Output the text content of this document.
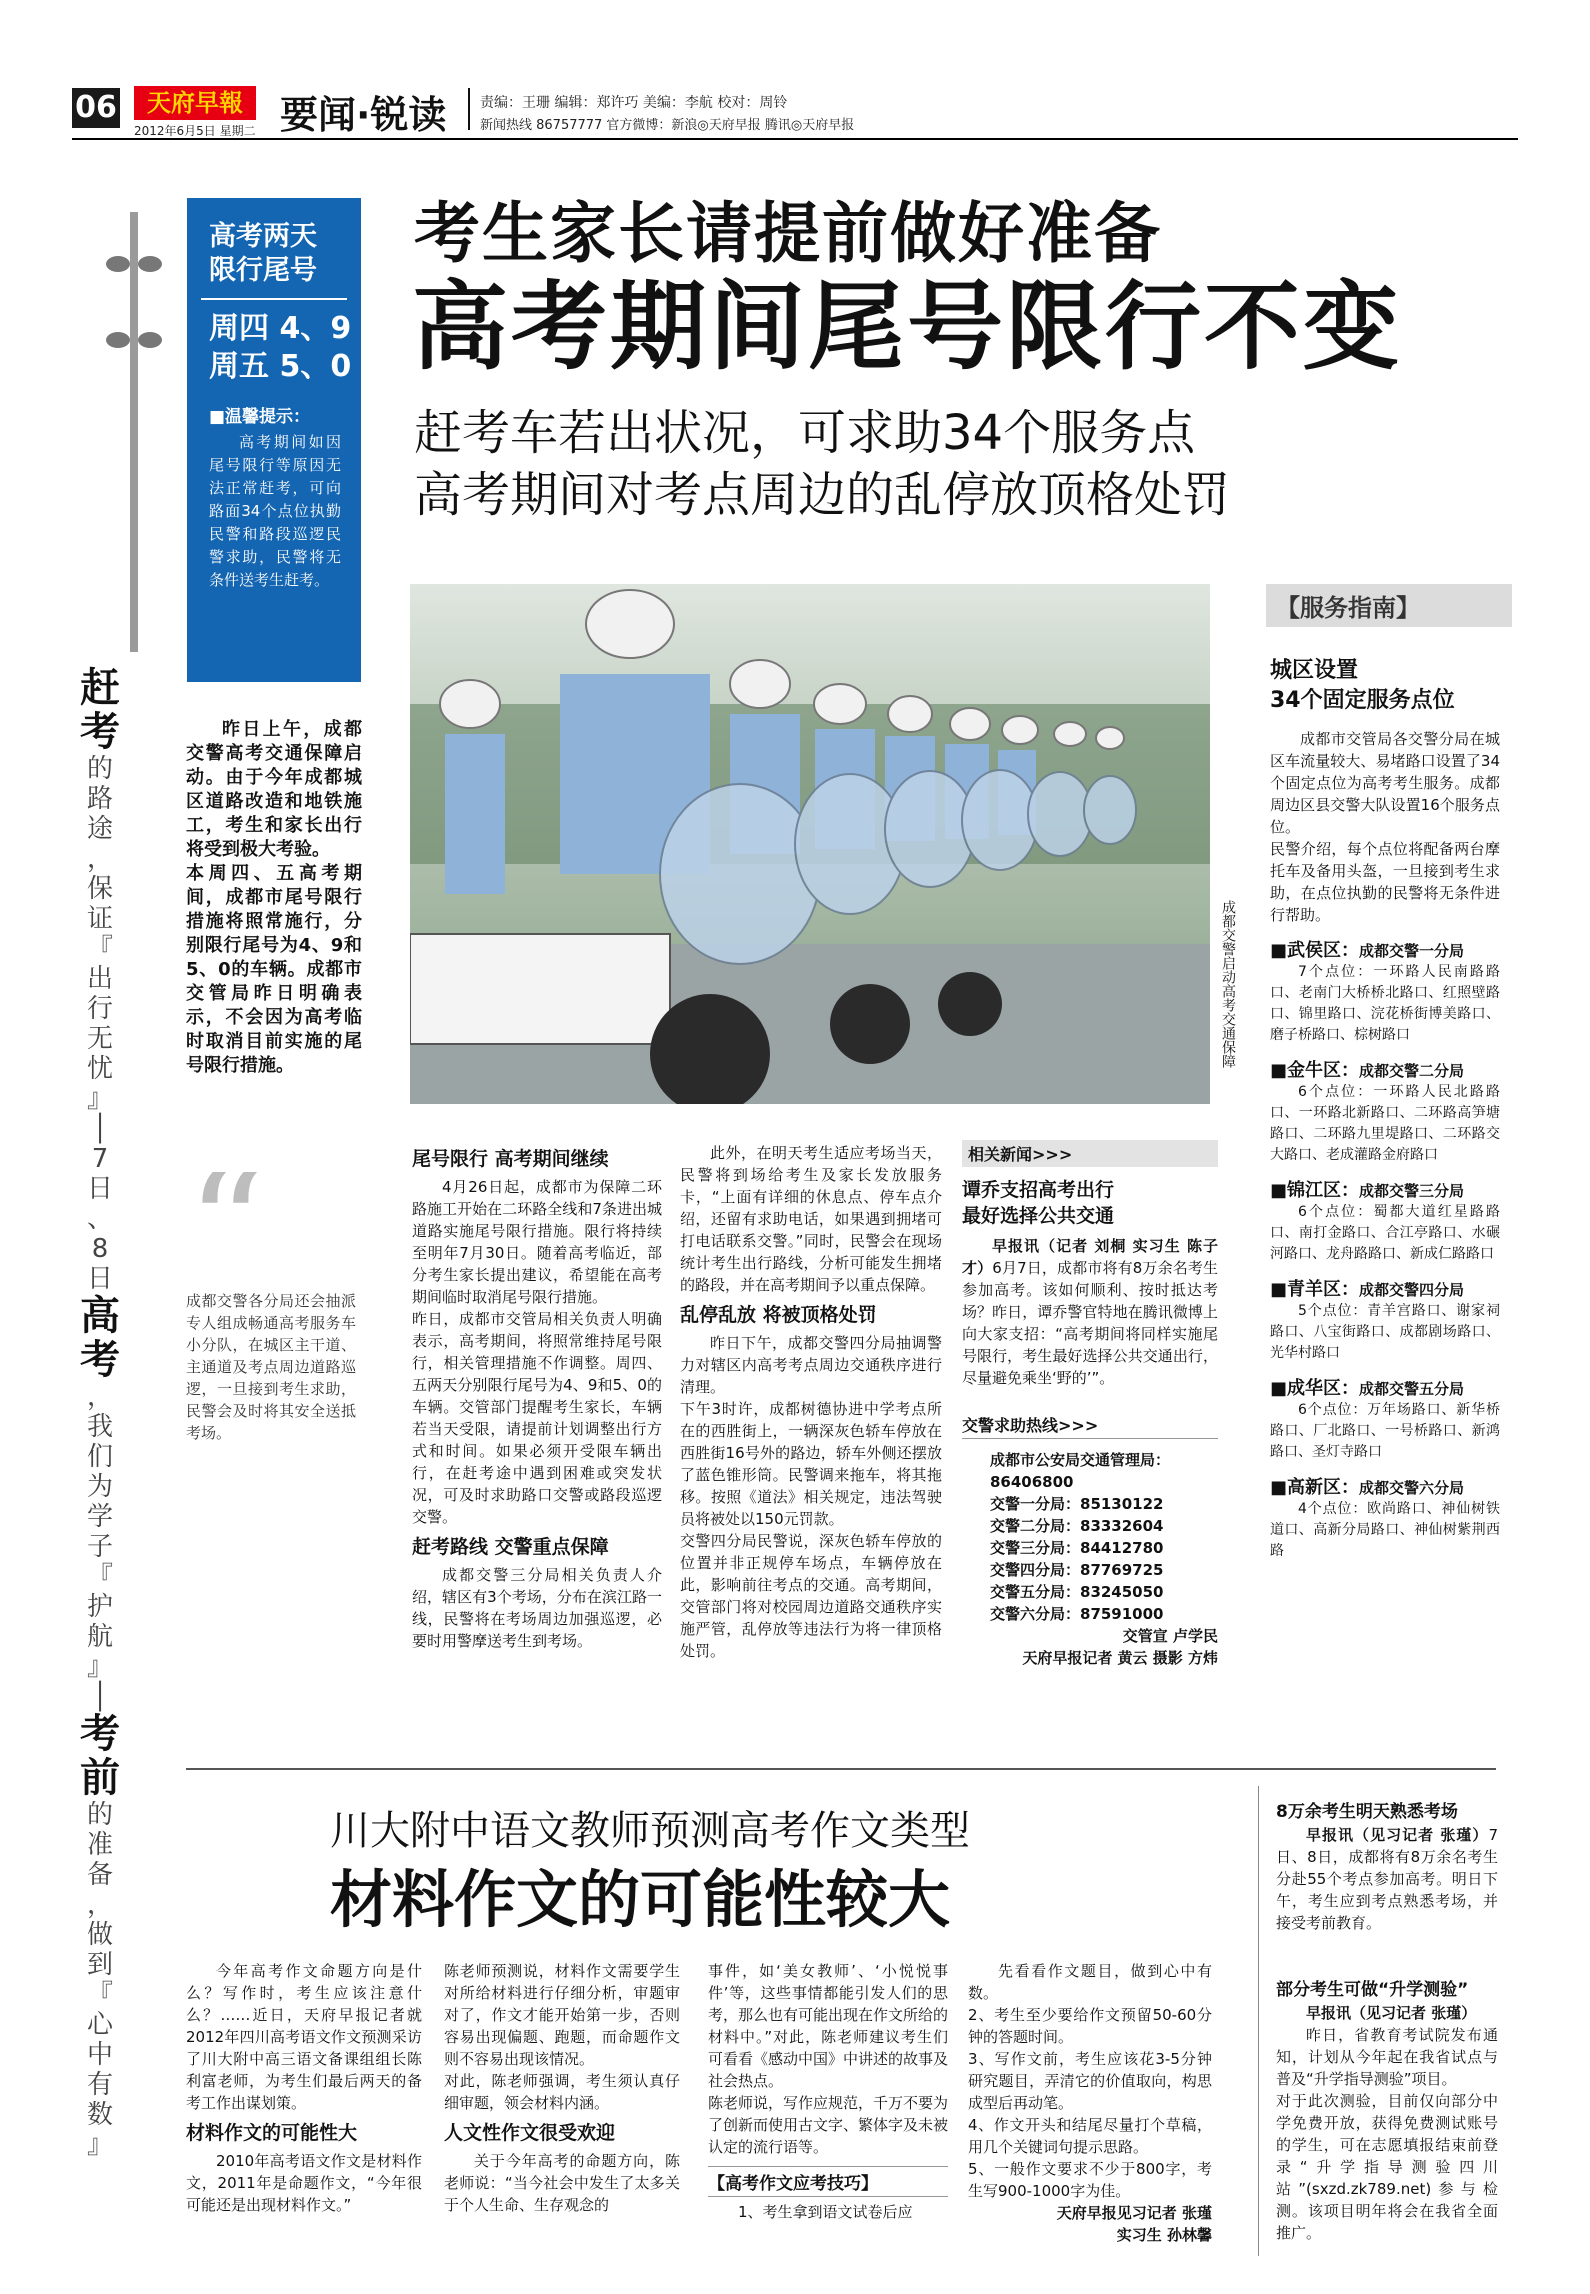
06	天府早報
2012年6月5日 星期二 要闻·锐读 责编：王珊 编辑：郑许巧 美编：李航 校对：周铃
新闻热线 86757777 官方微博：新浪◎天府早报 腾讯◎天府早报
高考两天
限行尾号
周四 4、9
周五 5、0
■温馨提示：
高考期间如因尾号限行等原因无法正常赶考，可向路面34个点位执勤民警和路段巡逻民警求助，民警将无条件送考生赶考。
赶
考
的
路
途
，
保
证
『
出
行
无
忧
』
│
7
日
、
8
日
高
考
，
我
们
为
学
子
『
护
航
』
│
考
前
的
准
备
，
做
到
『
心
中
有
数
』
考生家长请提前做好准备
高考期间尾号限行不变
赶考车若出状况，可求助34个服务点
高考期间对考点周边的乱停放顶格处罚
成都交警启动高考交通保障
昨日上午，成都交警高考交通保障启动。由于今年成都城区道路改造和地铁施工，考生和家长出行将受到极大考验。
本周四、五高考期间，成都市尾号限行措施将照常施行，分别限行尾号为4、9和5、0的车辆。成都市交管局昨日明确表示，不会因为高考临时取消目前实施的尾号限行措施。
成都交警各分局还会抽派专人组成畅通高考服务车小分队，在城区主干道、主通道及考点周边道路巡逻，一旦接到考生求助，民警会及时将其安全送抵考场。
尾号限行 高考期间继续
4月26日起，成都市为保障二环路施工开始在二环路全线和7条进出城道路实施尾号限行措施。限行将持续至明年7月30日。随着高考临近，部分考生家长提出建议，希望能在高考期间临时取消尾号限行措施。
昨日，成都市交管局相关负责人明确表示，高考期间，将照常维持尾号限行，相关管理措施不作调整。周四、五两天分别限行尾号为4、9和5、0的车辆。交管部门提醒考生家长，车辆若当天受限，请提前计划调整出行方式和时间。如果必须开受限车辆出行，在赶考途中遇到困难或突发状况，可及时求助路口交警或路段巡逻交警。
赶考路线 交警重点保障
成都交警三分局相关负责人介绍，辖区有3个考场，分布在滨江路一线，民警将在考场周边加强巡逻，必要时用警摩送考生到考场。
此外，在明天考生适应考场当天，民警将到场给考生及家长发放服务卡，“上面有详细的休息点、停车点介绍，还留有求助电话，如果遇到拥堵可打电话联系交警。”同时，民警会在现场统计考生出行路线，分析可能发生拥堵的路段，并在高考期间予以重点保障。
乱停乱放 将被顶格处罚
昨日下午，成都交警四分局抽调警力对辖区内高考考点周边交通秩序进行清理。
下午3时许，成都树德协进中学考点所在的西胜街上，一辆深灰色轿车停放在西胜街16号外的路边，轿车外侧还摆放了蓝色锥形筒。民警调来拖车，将其拖移。按照《道法》相关规定，违法驾驶员将被处以150元罚款。
交警四分局民警说，深灰色轿车停放的位置并非正规停车场点，车辆停放在此，影响前往考点的交通。高考期间，交管部门将对校园周边道路交通秩序实施严管，乱停放等违法行为将一律顶格处罚。
相关新闻>>>
谭乔支招高考出行
最好选择公共交通
早报讯（记者 刘桐 实习生 陈子才）6月7日，成都市将有8万余名考生参加高考。该如何顺利、按时抵达考场？昨日，谭乔警官特地在腾讯微博上向大家支招：“高考期间将同样实施尾号限行，考生最好选择公共交通出行，尽量避免乘坐‘野的’”。
交警求助热线>>>
成都市公安局交通管理局：86406800
交警一分局：85130122
交警二分局：83332604
交警三分局：84412780
交警四分局：87769725
交警五分局：83245050
交警六分局：87591000
交管宣 卢学民
天府早报记者 黄云 摄影 方炜
【服务指南】
城区设置
34个固定服务点位
成都市交管局各交警分局在城区车流量较大、易堵路口设置了34个固定点位为高考考生服务。成都周边区县交警大队设置16个服务点位。
民警介绍，每个点位将配备两台摩托车及备用头盔，一旦接到考生求助，在点位执勤的民警将无条件进行帮助。
■武侯区：成都交警一分局
7个点位：一环路人民南路路口、老南门大桥桥北路口、红照壁路口、锦里路口、浣花桥街博美路口、磨子桥路口、棕树路口
■金牛区：成都交警二分局
6个点位：一环路人民北路路口、一环路北新路口、二环路高笋塘路口、二环路九里堤路口、二环路交大路口、老成灌路金府路口
■锦江区：成都交警三分局
6个点位：蜀都大道红星路路口、南打金路口、合江亭路口、水碾河路口、龙舟路路口、新成仁路路口
■青羊区：成都交警四分局
5个点位：青羊宫路口、谢家祠路口、八宝街路口、成都剧场路口、光华村路口
■成华区：成都交警五分局
6个点位：万年场路口、新华桥路口、厂北路口、一号桥路口、新鸿路口、圣灯寺路口
■高新区：成都交警六分局
4个点位：欧尚路口、神仙树铁道口、高新分局路口、神仙树紫荆西路
川大附中语文教师预测高考作文类型
材料作文的可能性较大
今年高考作文命题方向是什么？写作时，考生应该注意什么？……近日，天府早报记者就2012年四川高考语文作文预测采访了川大附中高三语文备课组组长陈利富老师，为考生们最后两天的备考工作出谋划策。
材料作文的可能性大
2010年高考语文作文是材料作文，2011年是命题作文，“今年很可能还是出现材料作文。”
陈老师预测说，材料作文需要学生对所给材料进行仔细分析，审题审对了，作文才能开始第一步，否则容易出现偏题、跑题，而命题作文则不容易出现该情况。
对此，陈老师强调，考生须认真仔细审题，领会材料内涵。
人文性作文很受欢迎
关于今年高考的命题方向，陈老师说：“当今社会中发生了太多关于个人生命、生存观念的
事件，如‘美女教师’、‘小悦悦事件’等，这些事情都能引发人们的思考，那么也有可能出现在作文所给的材料中。”对此，陈老师建议考生们可看看《感动中国》中讲述的故事及社会热点。
陈老师说，写作应规范，千万不要为了创新而使用古文字、繁体字及未被认定的流行语等。
【高考作文应考技巧】
1、考生拿到语文试卷后应
先看看作文题目，做到心中有数。
2、考生至少要给作文预留50-60分钟的答题时间。
3、写作文前，考生应该花3-5分钟研究题目，弄清它的价值取向，构思成型后再动笔。
4、作文开头和结尾尽量打个草稿，用几个关键词句提示思路。
5、一般作文要求不少于800字，考生写900-1000字为佳。
天府早报见习记者 张瑾
实习生 孙林馨
8万余考生明天熟悉考场
早报讯（见习记者 张瑾）7日、8日，成都将有8万余名考生分赴55个考点参加高考。明日下午，考生应到考点熟悉考场，并接受考前教育。
部分考生可做“升学测验”
早报讯（见习记者 张瑾）
昨日，省教育考试院发布通知，计划从今年起在我省试点与普及“升学指导测验”项目。
对于此次测验，目前仅向部分中学免费开放，获得免费测试账号的学生，可在志愿填报结束前登录“升学指导测验四川站”(sxzd.zk789.net)参与检测。该项目明年将会在我省全面推广。
